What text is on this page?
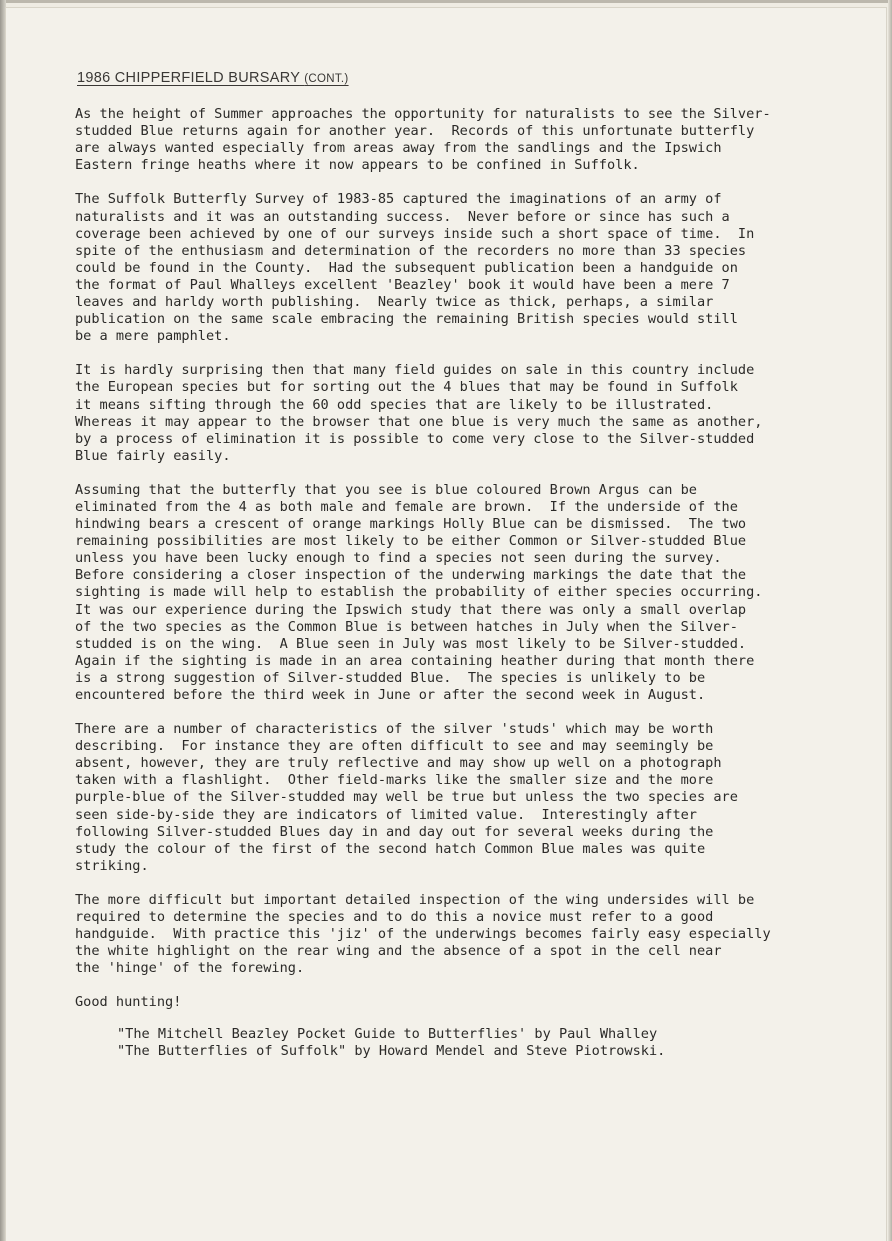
1986 CHIPPERFIELD BURSARY (CONT.)
As the height of Summer approaches the opportunity for naturalists to see the Silver-
studded Blue returns again for another year.  Records of this unfortunate butterfly
are always wanted especially from areas away from the sandlings and the Ipswich
Eastern fringe heaths where it now appears to be confined in Suffolk.
The Suffolk Butterfly Survey of 1983-85 captured the imaginations of an army of
naturalists and it was an outstanding success.  Never before or since has such a
coverage been achieved by one of our surveys inside such a short space of time.  In
spite of the enthusiasm and determination of the recorders no more than 33 species
could be found in the County.  Had the subsequent publication been a handguide on
the format of Paul Whalleys excellent 'Beazley' book it would have been a mere 7
leaves and harldy worth publishing.  Nearly twice as thick, perhaps, a similar
publication on the same scale embracing the remaining British species would still
be a mere pamphlet.
It is hardly surprising then that many field guides on sale in this country include
the European species but for sorting out the 4 blues that may be found in Suffolk
it means sifting through the 60 odd species that are likely to be illustrated.
Whereas it may appear to the browser that one blue is very much the same as another,
by a process of elimination it is possible to come very close to the Silver-studded
Blue fairly easily.
Assuming that the butterfly that you see is blue coloured Brown Argus can be
eliminated from the 4 as both male and female are brown.  If the underside of the
hindwing bears a crescent of orange markings Holly Blue can be dismissed.  The two
remaining possibilities are most likely to be either Common or Silver-studded Blue
unless you have been lucky enough to find a species not seen during the survey.
Before considering a closer inspection of the underwing markings the date that the
sighting is made will help to establish the probability of either species occurring.
It was our experience during the Ipswich study that there was only a small overlap
of the two species as the Common Blue is between hatches in July when the Silver-
studded is on the wing.  A Blue seen in July was most likely to be Silver-studded.
Again if the sighting is made in an area containing heather during that month there
is a strong suggestion of Silver-studded Blue.  The species is unlikely to be
encountered before the third week in June or after the second week in August.
There are a number of characteristics of the silver 'studs' which may be worth
describing.  For instance they are often difficult to see and may seemingly be
absent, however, they are truly reflective and may show up well on a photograph
taken with a flashlight.  Other field-marks like the smaller size and the more
purple-blue of the Silver-studded may well be true but unless the two species are
seen side-by-side they are indicators of limited value.  Interestingly after
following Silver-studded Blues day in and day out for several weeks during the
study the colour of the first of the second hatch Common Blue males was quite
striking.
The more difficult but important detailed inspection of the wing undersides will be
required to determine the species and to do this a novice must refer to a good
handguide.  With practice this 'jiz' of the underwings becomes fairly easy especially
the white highlight on the rear wing and the absence of a spot in the cell near
the 'hinge' of the forewing.
Good hunting!
"The Mitchell Beazley Pocket Guide to Butterflies' by Paul Whalley
"The Butterflies of Suffolk" by Howard Mendel and Steve Piotrowski.
